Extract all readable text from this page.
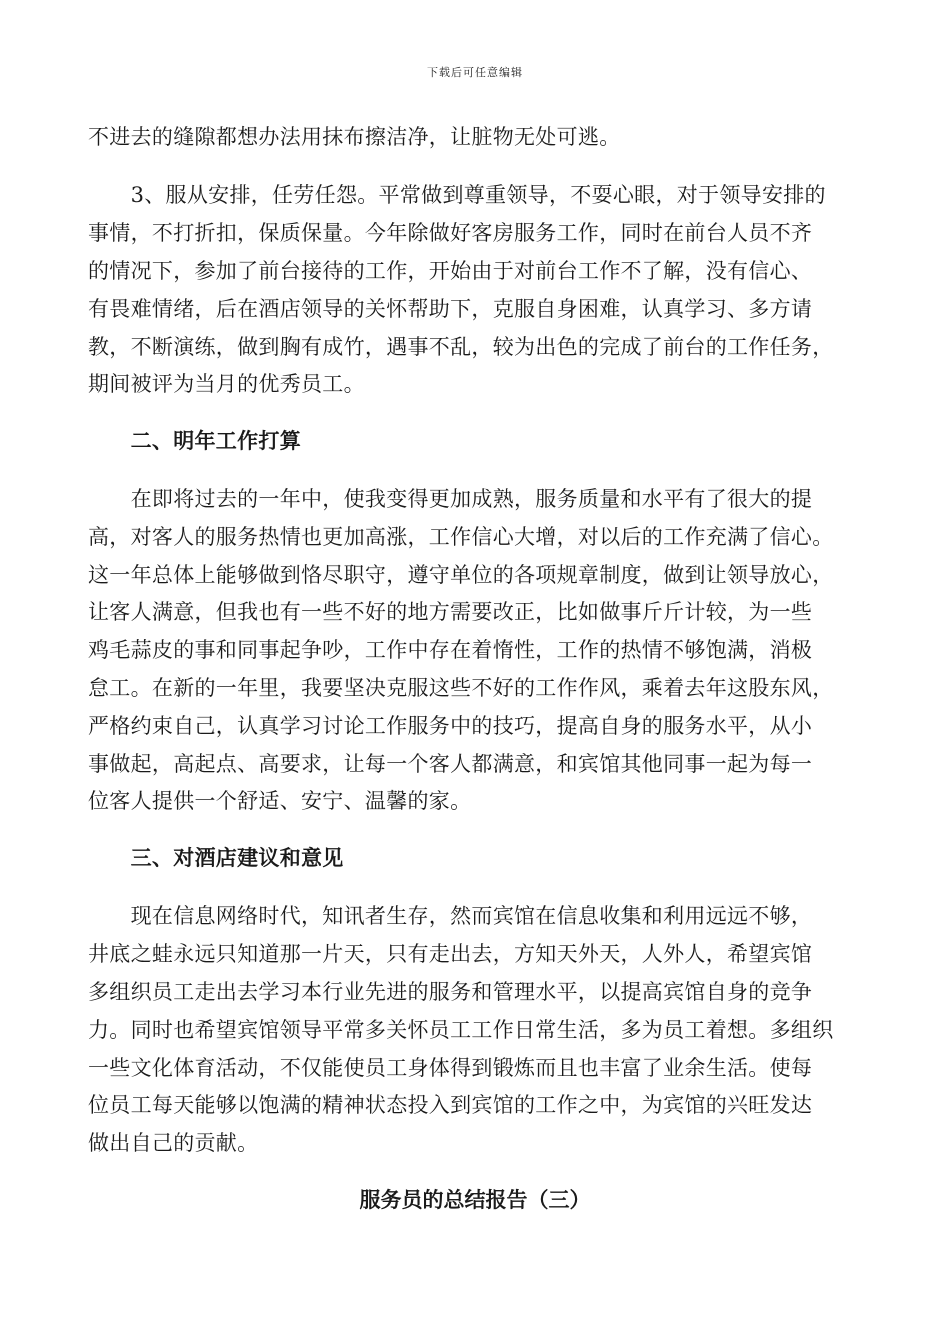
下载后可任意编辑
不进去的缝隙都想办法用抹布擦洁净，让脏物无处可逃。
　　3、服从安排，任劳任怨。平常做到尊重领导，不耍心眼，对于领导安排的
事情，不打折扣，保质保量。今年除做好客房服务工作，同时在前台人员不齐
的情况下，参加了前台接待的工作，开始由于对前台工作不了解，没有信心、
有畏难情绪，后在酒店领导的关怀帮助下，克服自身困难，认真学习、多方请
教，不断演练，做到胸有成竹，遇事不乱，较为出色的完成了前台的工作任务，
期间被评为当月的优秀员工。
　　二、明年工作打算
　　在即将过去的一年中，使我变得更加成熟，服务质量和水平有了很大的提
高，对客人的服务热情也更加高涨，工作信心大增，对以后的工作充满了信心。
这一年总体上能够做到恪尽职守，遵守单位的各项规章制度，做到让领导放心，
让客人满意，但我也有一些不好的地方需要改正，比如做事斤斤计较，为一些
鸡毛蒜皮的事和同事起争吵，工作中存在着惰性，工作的热情不够饱满，消极
怠工。在新的一年里，我要坚决克服这些不好的工作作风，乘着去年这股东风，
严格约束自己，认真学习讨论工作服务中的技巧，提高自身的服务水平，从小
事做起，高起点、高要求，让每一个客人都满意，和宾馆其他同事一起为每一
位客人提供一个舒适、安宁、温馨的家。
　　三、对酒店建议和意见
　　现在信息网络时代，知讯者生存，然而宾馆在信息收集和利用远远不够，
井底之蛙永远只知道那一片天，只有走出去，方知天外天，人外人，希望宾馆
多组织员工走出去学习本行业先进的服务和管理水平，以提高宾馆自身的竞争
力。同时也希望宾馆领导平常多关怀员工工作日常生活，多为员工着想。多组织
一些文化体育活动，不仅能使员工身体得到锻炼而且也丰富了业余生活。使每
位员工每天能够以饱满的精神状态投入到宾馆的工作之中，为宾馆的兴旺发达
做出自己的贡献。
服务员的总结报告（三）
